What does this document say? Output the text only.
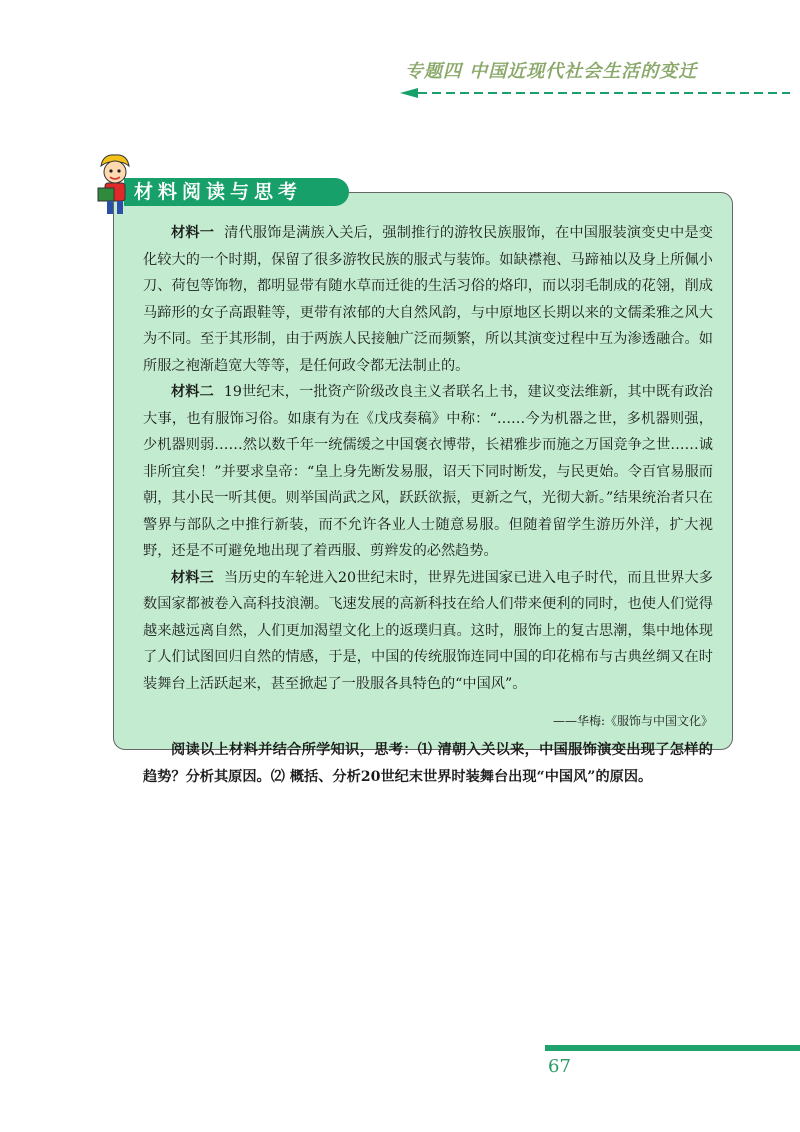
专题四 中国近现代社会生活的变迁
材料阅读与思考

材料一 清代服饰是满族入关后，强制推行的游牧民族服饰，在中国服装演变史中是变化较大的一个时期，保留了很多游牧民族的服式与装饰。如缺襟袍、马蹄袖以及身上所佩小刀、荷包等饰物，都明显带有随水草而迁徙的生活习俗的烙印，而以羽毛制成的花翎，削成马蹄形的女子高跟鞋等，更带有浓郁的大自然风韵，与中原地区长期以来的文儒柔雅之风大为不同。至于其形制，由于两族人民接触广泛而频繁，所以其演变过程中互为渗透融合。如所服之袍渐趋宽大等等，是任何政令都无法制止的。

材料二 19世纪末，一批资产阶级改良主义者联名上书，建议变法维新，其中既有政治大事，也有服饰习俗。如康有为在《戊戌奏稿》中称：“……今为机器之世，多机器则强，少机器则弱……然以数千年一统儒缓之中国褒衣博带，长裙雅步而施之万国竞争之世……诚非所宜矣！”并要求皇帝：“皇上身先断发易服，诏天下同时断发，与民更始。令百官易服而朝，其小民一听其便。则举国尚武之风，跃跃欲振，更新之气，光彻大新。”结果统治者只在警界与部队之中推行新装，而不允许各业人士随意易服。但随着留学生游历外洋，扩大视野，还是不可避免地出现了着西服、剪辫发的必然趋势。

材料三 当历史的车轮进入20世纪末时，世界先进国家已进入电子时代，而且世界大多数国家都被卷入高科技浪潮。飞速发展的高新科技在给人们带来便利的同时，也使人们觉得越来越远离自然，人们更加渴望文化上的返璞归真。这时，服饰上的复古思潮，集中地体现了人们试图回归自然的情感，于是，中国的传统服饰连同中国的印花棉布与古典丝绸又在时装舞台上活跃起来，甚至掀起了一股服各具特色的“中国风”。

——华梅:《服饰与中国文化》

阅读以上材料并结合所学知识，思考：⑴ 清朝入关以来，中国服饰演变出现了怎样的趋势？分析其原因。⑵ 概括、分析20世纪末世界时装舞台出现“中国风”的原因。

67
